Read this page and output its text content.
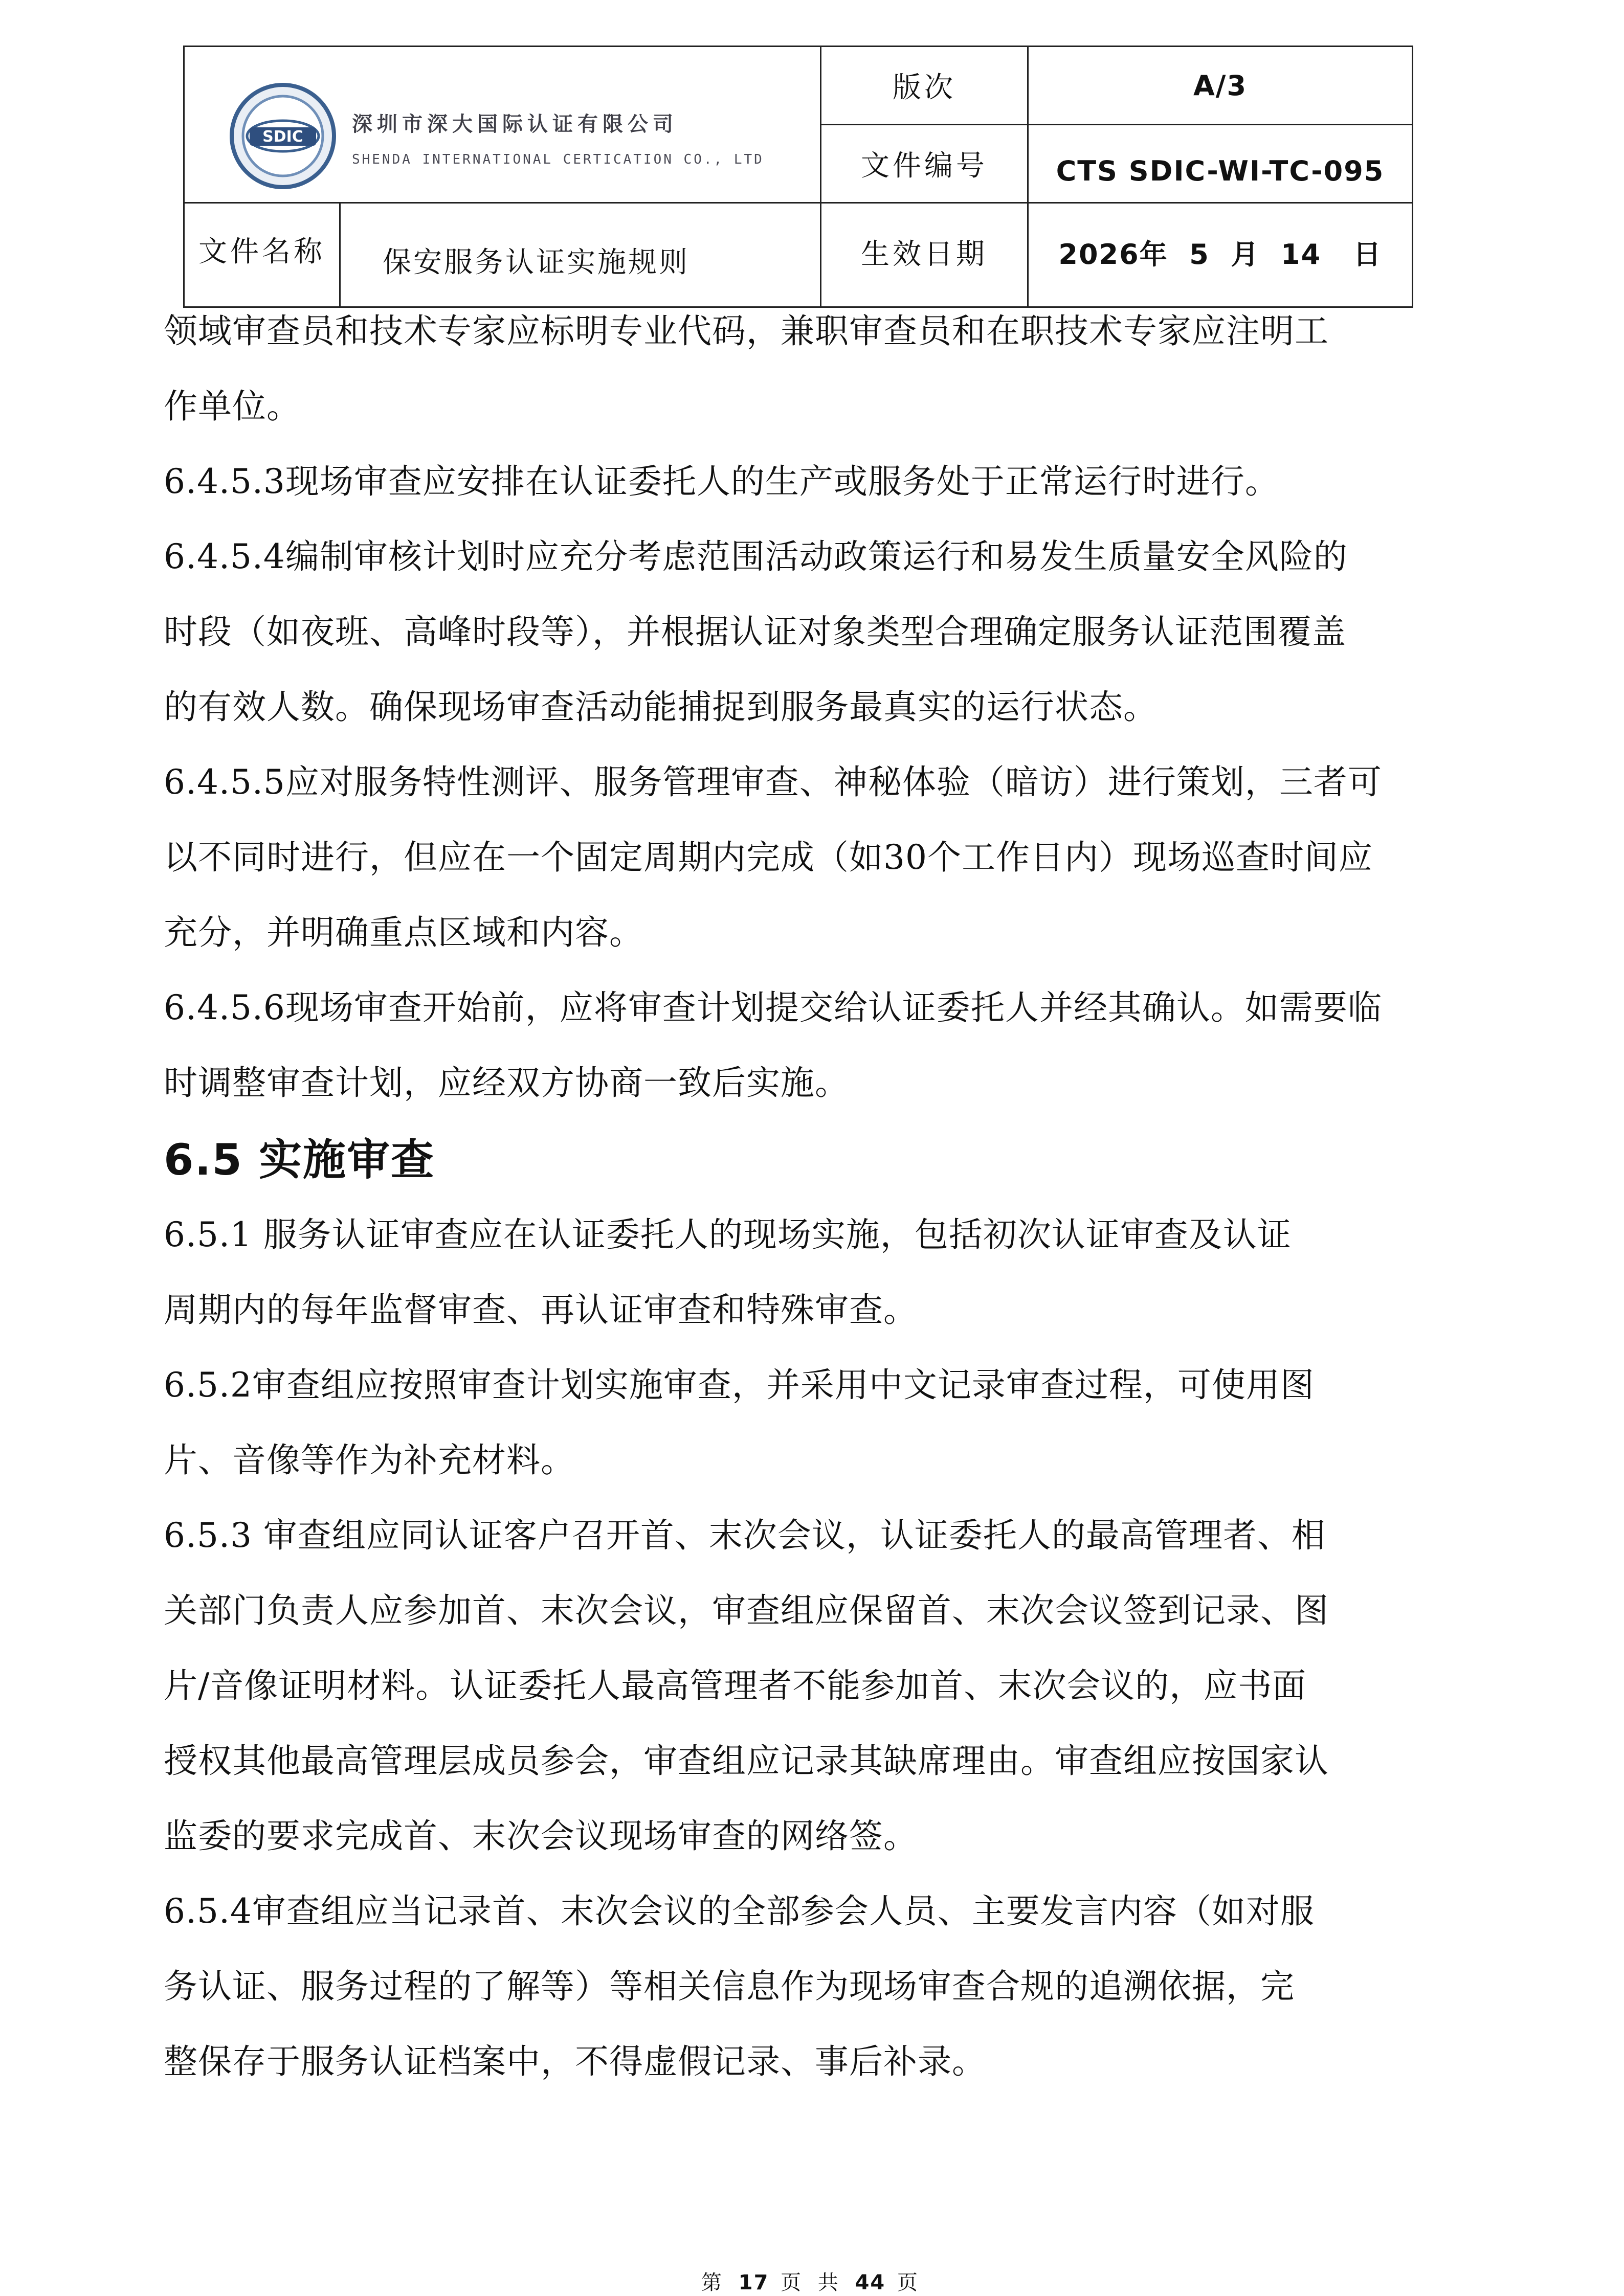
SDIC
深圳市深大国际认证有限公司
SHENDA INTERNATIONAL CERTICATION CO., LTD
版次	A/3
文件编号	CTS SDIC-WI-TC-095
文件名称	保安服务认证实施规则	生效日期	2026年  5  月  14   日
领域审查员和技术专家应标明专业代码，兼职审查员和在职技术专家应注明工
作单位。
6.4.5.3现场审查应安排在认证委托人的生产或服务处于正常运行时进行。
6.4.5.4编制审核计划时应充分考虑范围活动政策运行和易发生质量安全风险的
时段（如夜班、高峰时段等），并根据认证对象类型合理确定服务认证范围覆盖
的有效人数。确保现场审查活动能捕捉到服务最真实的运行状态。
6.4.5.5应对服务特性测评、服务管理审查、神秘体验（暗访）进行策划，三者可
以不同时进行，但应在一个固定周期内完成（如30个工作日内）现场巡查时间应
充分，并明确重点区域和内容。
6.4.5.6现场审查开始前，应将审查计划提交给认证委托人并经其确认。如需要临
时调整审查计划，应经双方协商一致后实施。
6.5 实施审查
6.5.1 服务认证审查应在认证委托人的现场实施，包括初次认证审查及认证
周期内的每年监督审查、再认证审查和特殊审查。
6.5.2审查组应按照审查计划实施审查，并采用中文记录审查过程，可使用图
片、音像等作为补充材料。
6.5.3 审查组应同认证客户召开首、末次会议，认证委托人的最高管理者、相
关部门负责人应参加首、末次会议，审查组应保留首、末次会议签到记录、图
片/音像证明材料。认证委托人最高管理者不能参加首、末次会议的，应书面
授权其他最高管理层成员参会，审查组应记录其缺席理由。审查组应按国家认
监委的要求完成首、末次会议现场审查的网络签。
6.5.4审查组应当记录首、末次会议的全部参会人员、主要发言内容（如对服
务认证、服务过程的了解等）等相关信息作为现场审查合规的追溯依据，完
整保存于服务认证档案中，不得虚假记录、事后补录。
第 17 页 共 44 页
